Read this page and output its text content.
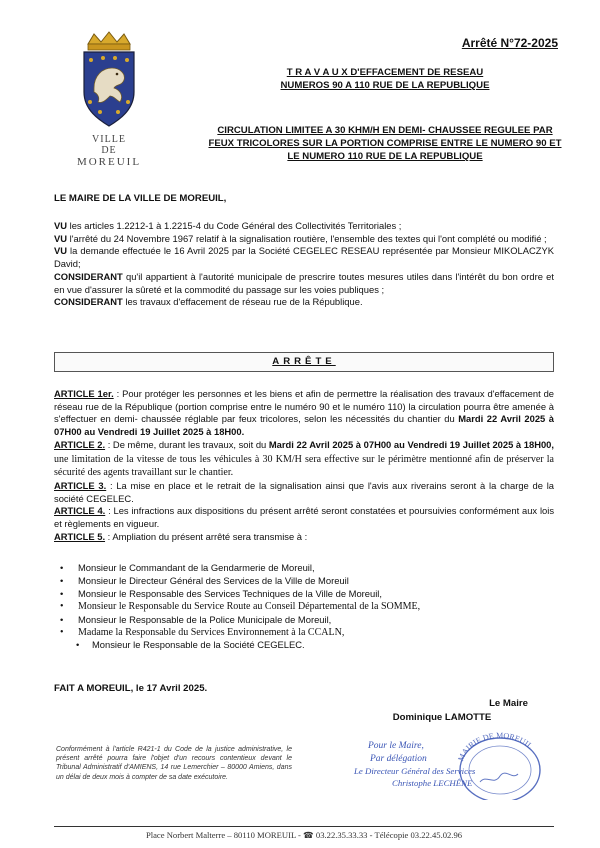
VILLE
DE
MOREUIL
Arrêté N°72-2025
T R A V A U X D'EFFACEMENT DE RESEAU
NUMEROS 90 A 110 RUE DE LA REPUBLIQUE
CIRCULATION LIMITEE A 30 KHM/H EN DEMI- CHAUSSEE REGULEE PAR
FEUX TRICOLORES SUR LA PORTION COMPRISE ENTRE LE NUMERO 90 ET
LE NUMERO 110 RUE DE LA REPUBLIQUE
LE MAIRE DE LA VILLE DE MOREUIL,

VU les articles 1.2212-1 à 1.2215-4 du Code Général des Collectivités Territoriales ;

VU l'arrêté du 24 Novembre 1967 relatif à la signalisation routière, l'ensemble des textes qui l'ont complété ou modifié ;

VU la demande effectuée le 16 Avril 2025 par la Société CEGELEC RESEAU représentée par Monsieur MIKOLACZYK David;

CONSIDERANT qu'il appartient à l'autorité municipale de prescrire toutes mesures utiles dans l'intérêt du bon ordre et en vue d'assurer la sûreté et la commodité du passage sur les voies publiques ;

CONSIDERANT les travaux d'effacement de réseau rue de la République.

ARRÊTE

ARTICLE 1er. : Pour protéger les personnes et les biens et afin de permettre la réalisation des travaux d'effacement de réseau rue de la République (portion comprise entre le numéro 90 et le numéro 110) la circulation pourra être amenée à s'effectuer en demi- chaussée réglable par feux tricolores, selon les nécessités du chantier du Mardi 22 Avril 2025 à 07H00 au Vendredi 19 Juillet 2025 à 18H00.

ARTICLE 2. : De même, durant les travaux, soit du Mardi 22 Avril 2025 à 07H00 au Vendredi 19 Juillet 2025 à 18H00, une limitation de la vitesse de tous les véhicules à 30 KM/H sera effective sur le périmètre mentionné afin de préserver la sécurité des agents travaillant sur le chantier.

ARTICLE 3. : La mise en place et le retrait de la signalisation ainsi que l'avis aux riverains seront à la charge de la société CEGELEC.

ARTICLE 4. : Les infractions aux dispositions du présent arrêté seront constatées et poursuivies conformément aux lois et règlements en vigueur.

ARTICLE 5. : Ampliation du présent arrêté sera transmise à :

• Monsieur le Commandant de la Gendarmerie de Moreuil,
• Monsieur le Directeur Général des Services de la Ville de Moreuil
• Monsieur le Responsable des Services Techniques de la Ville de Moreuil,
• Monsieur le Responsable du Service Route au Conseil Départemental de la SOMME,
• Monsieur le Responsable de la Police Municipale de Moreuil,
• Madame la Responsable du Services Environnement à la CCALN,
• Monsieur le Responsable de la Société CEGELEC.
FAIT A MOREUIL, le 17 Avril 2025.
Le Maire
Dominique LAMOTTE
Conformément à l'article R421-1 du Code de la justice administrative, le présent arrêté pourra faire l'objet d'un recours contentieux devant le Tribunal Administratif d'AMIENS, 14 rue Lemerchier – 80000 Amiens, dans un délai de deux mois à compter de sa date exécutoire.
MAIRIE DE MOREUIL
Pour le Maire,
Par délégation
Le Directeur Général des Services
Christophe LECHÊNE
Place Norbert Malterre – 80110 MOREUIL - ☎ 03.22.35.33.33 - Télécopie 03.22.45.02.96
